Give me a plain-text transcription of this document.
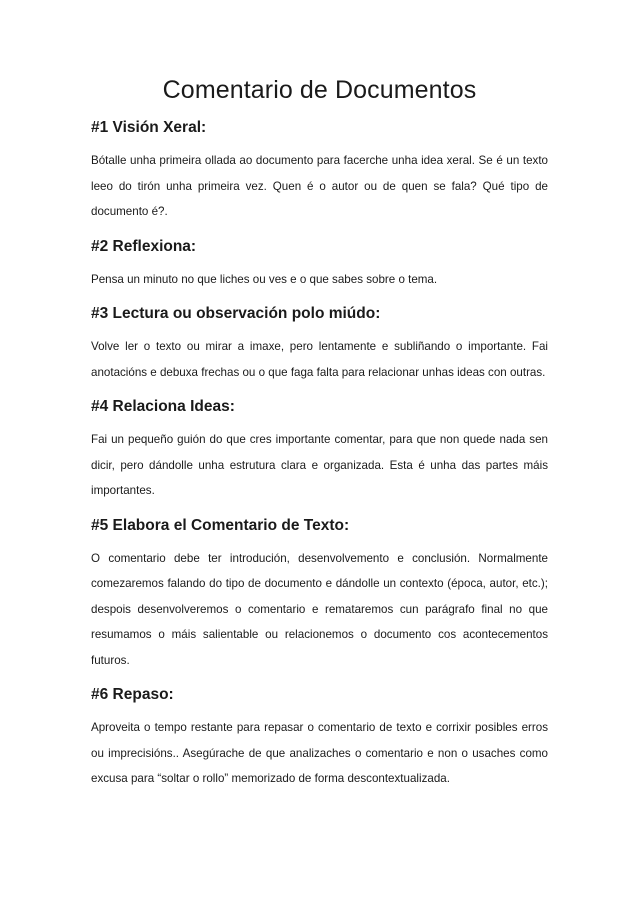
Comentario de Documentos
#1 Visión Xeral:

Bótalle unha primeira ollada ao documento para facerche unha idea xeral. Se é un texto leeo do tirón unha primeira vez. Quen é o autor ou de quen se fala? Qué tipo de documento é?.

#2 Reflexiona:

Pensa un minuto no que liches ou ves e o que sabes sobre o tema.

#3 Lectura ou observación polo miúdo:

Volve ler o texto ou mirar a imaxe, pero lentamente e subliñando o importante. Fai anotacións e debuxa frechas ou o que faga falta para relacionar unhas ideas con outras.

#4 Relaciona Ideas:

Fai un pequeño guión do que cres importante comentar, para que non quede nada sen dicir, pero dándolle unha estrutura clara e organizada. Esta é unha das partes máis importantes.

#5 Elabora el Comentario de Texto:

O comentario debe ter introdución, desenvolvemento e conclusión. Normalmente comezaremos falando do tipo de documento e dándolle un contexto (época, autor, etc.); despois desenvolveremos o comentario e remataremos cun parágrafo final no que resumamos o máis salientable ou relacionemos o documento cos acontecementos futuros.

#6 Repaso:

Aproveita o tempo restante para repasar o comentario de texto e corrixir posibles erros ou imprecisións.. Asegúrache de que analizaches o comentario e non o usaches como excusa para “soltar o rollo” memorizado de forma descontextualizada.
